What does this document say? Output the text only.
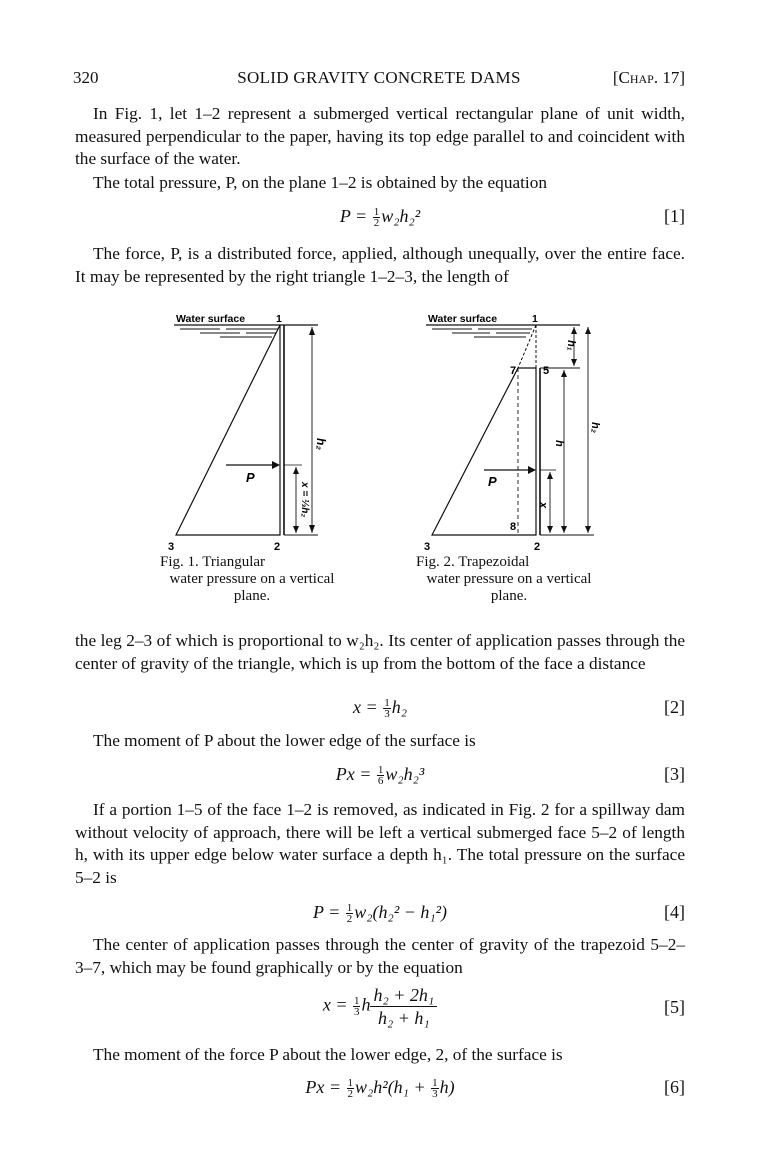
320	SOLID GRAVITY CONCRETE DAMS	[Chap. 17]
In Fig. 1, let 1–2 represent a submerged vertical rectangular plane of unit width, measured perpendicular to the paper, having its top edge parallel to and coincident with the surface of the water.
The total pressure, P, on the plane 1–2 is obtained by the equation
$P = \frac{1}{2} w_2h_2^2$	[1]
The force, P, is a distributed force, applied, although unequally, over the entire face. It may be represented by the right triangle 1–2–3, the length of
Water surface	1
P
h₂
x = ⅓h₂
3	2
Fig. 1. Triangular
water pressure on a vertical plane.
Water surface	1
7 5
P
h₁
h₂
h
x
8
3	2
Fig. 2. Trapezoidal
water pressure on a vertical plane.
the leg 2–3 of which is proportional to w₂h₂. Its center of application passes through the center of gravity of the triangle, which is up from the bottom of the face a distance
$x = \frac{1}{3} h_2$	[2]
The moment of P about the lower edge of the surface is
$Px = \frac{1}{6} w_2h_2^3$	[3]
If a portion 1–5 of the face 1–2 is removed, as indicated in Fig. 2 for a spillway dam without velocity of approach, there will be left a vertical submerged face 5–2 of length h, with its upper edge below water surface a depth h₁. The total pressure on the surface 5–2 is
$P = \frac{1}{2} w_2(h_2^2 - h_1^2)$	[4]
The center of application passes through the center of gravity of the trapezoid 5–2–3–7, which may be found graphically or by the equation
$x = \frac{1}{3}$ h $\frac{\text{h₂ + 2h₁}}{\text{h₂ + h₁}}$	[5]
The moment of the force P about the lower edge, 2, of the surface is
$Px = \frac{1}{2} w_2h^2(h_1 + \frac{1}{3} h)$	[6]
